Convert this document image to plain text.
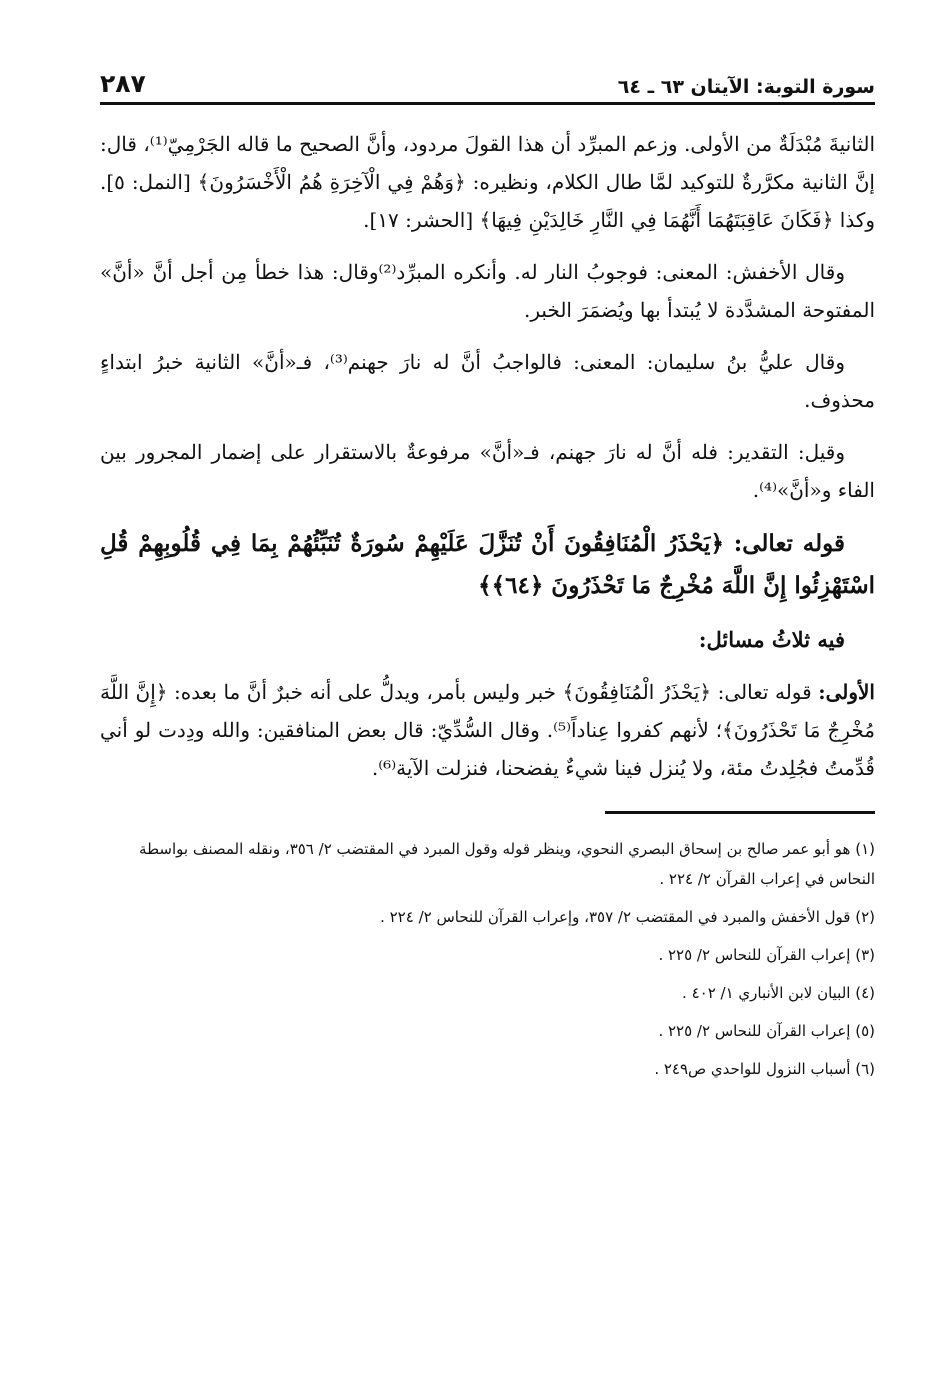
سورة التوبة: الآيتان ٦٣ ـ ٦٤
٢٨٧

الثانيةَ مُبْدَلَةٌ من الأولى. وزعم المبرِّد أن هذا القولَ مردود، وأنَّ الصحيح ما قاله الجَرْمِيّ⁽¹⁾، قال: إنَّ الثانية مكرَّرةٌ للتوكيد لمَّا طال الكلام، ونظيره: ﴿وَهُمْ فِي الْآخِرَةِ هُمُ الْأَخْسَرُونَ﴾ [النمل: ٥]. وكذا ﴿فَكَانَ عَاقِبَتَهُمَا أَنَّهُمَا فِي النَّارِ خَالِدَيْنِ فِيهَا﴾ [الحشر: ١٧].

وقال الأخفش: المعنى: فوجوبُ النار له. وأنكره المبرِّد⁽²⁾وقال: هذا خطأ مِن أجل أنَّ «أنَّ» المفتوحة المشدَّدة لا يُبتدأ بها ويُضمَرَ الخبر.

وقال عليُّ بنُ سليمان: المعنى: فالواجبُ أنَّ له نارَ جهنم⁽³⁾، فـ«أنَّ» الثانية خبرُ ابتداءٍ محذوف.

وقيل: التقدير: فله أنَّ له نارَ جهنم، فـ«أنَّ» مرفوعةٌ بالاستقرار على إضمار المجرور بين الفاء و«أنَّ»⁽⁴⁾.

قوله تعالى: ﴿يَحْذَرُ الْمُنَافِقُونَ أَنْ تُنَزَّلَ عَلَيْهِمْ سُورَةٌ تُنَبِّئُهُمْ بِمَا فِي قُلُوبِهِمْ قُلِ اسْتَهْزِئُوا إِنَّ اللَّهَ مُخْرِجٌ مَا تَحْذَرُونَ ﴿٦٤﴾﴾

فيه ثلاثُ مسائل:

الأولى: قوله تعالى: ﴿يَحْذَرُ الْمُنَافِقُونَ﴾ خبر وليس بأمر، ويدلُّ على أنه خبرٌ أنَّ ما بعده: ﴿إِنَّ اللَّهَ مُخْرِجٌ مَا تَحْذَرُونَ﴾؛ لأنهم كفروا عِناداً⁽⁵⁾. وقال السُّدِّيّ: قال بعض المنافقين: والله ودِدت لو أني قُدِّمتُ فجُلِدتُ مئة، ولا يُنزل فينا شيءٌ يفضحنا، فنزلت الآية⁽⁶⁾.

(١) هو أبو عمر صالح بن إسحاق البصري النحوي، وينظر قوله وقول المبرد في المقتضب ٢/ ٣٥٦، ونقله المصنف بواسطة النحاس في إعراب القرآن ٢/ ٢٢٤ .
(٢) قول الأخفش والمبرد في المقتضب ٢/ ٣٥٧، وإعراب القرآن للنحاس ٢/ ٢٢٤ .
(٣) إعراب القرآن للنحاس ٢/ ٢٢٥ .
(٤) البيان لابن الأنباري ١/ ٤٠٢ .
(٥) إعراب القرآن للنحاس ٢/ ٢٢٥ .
(٦) أسباب النزول للواحدي ص٢٤٩ .
